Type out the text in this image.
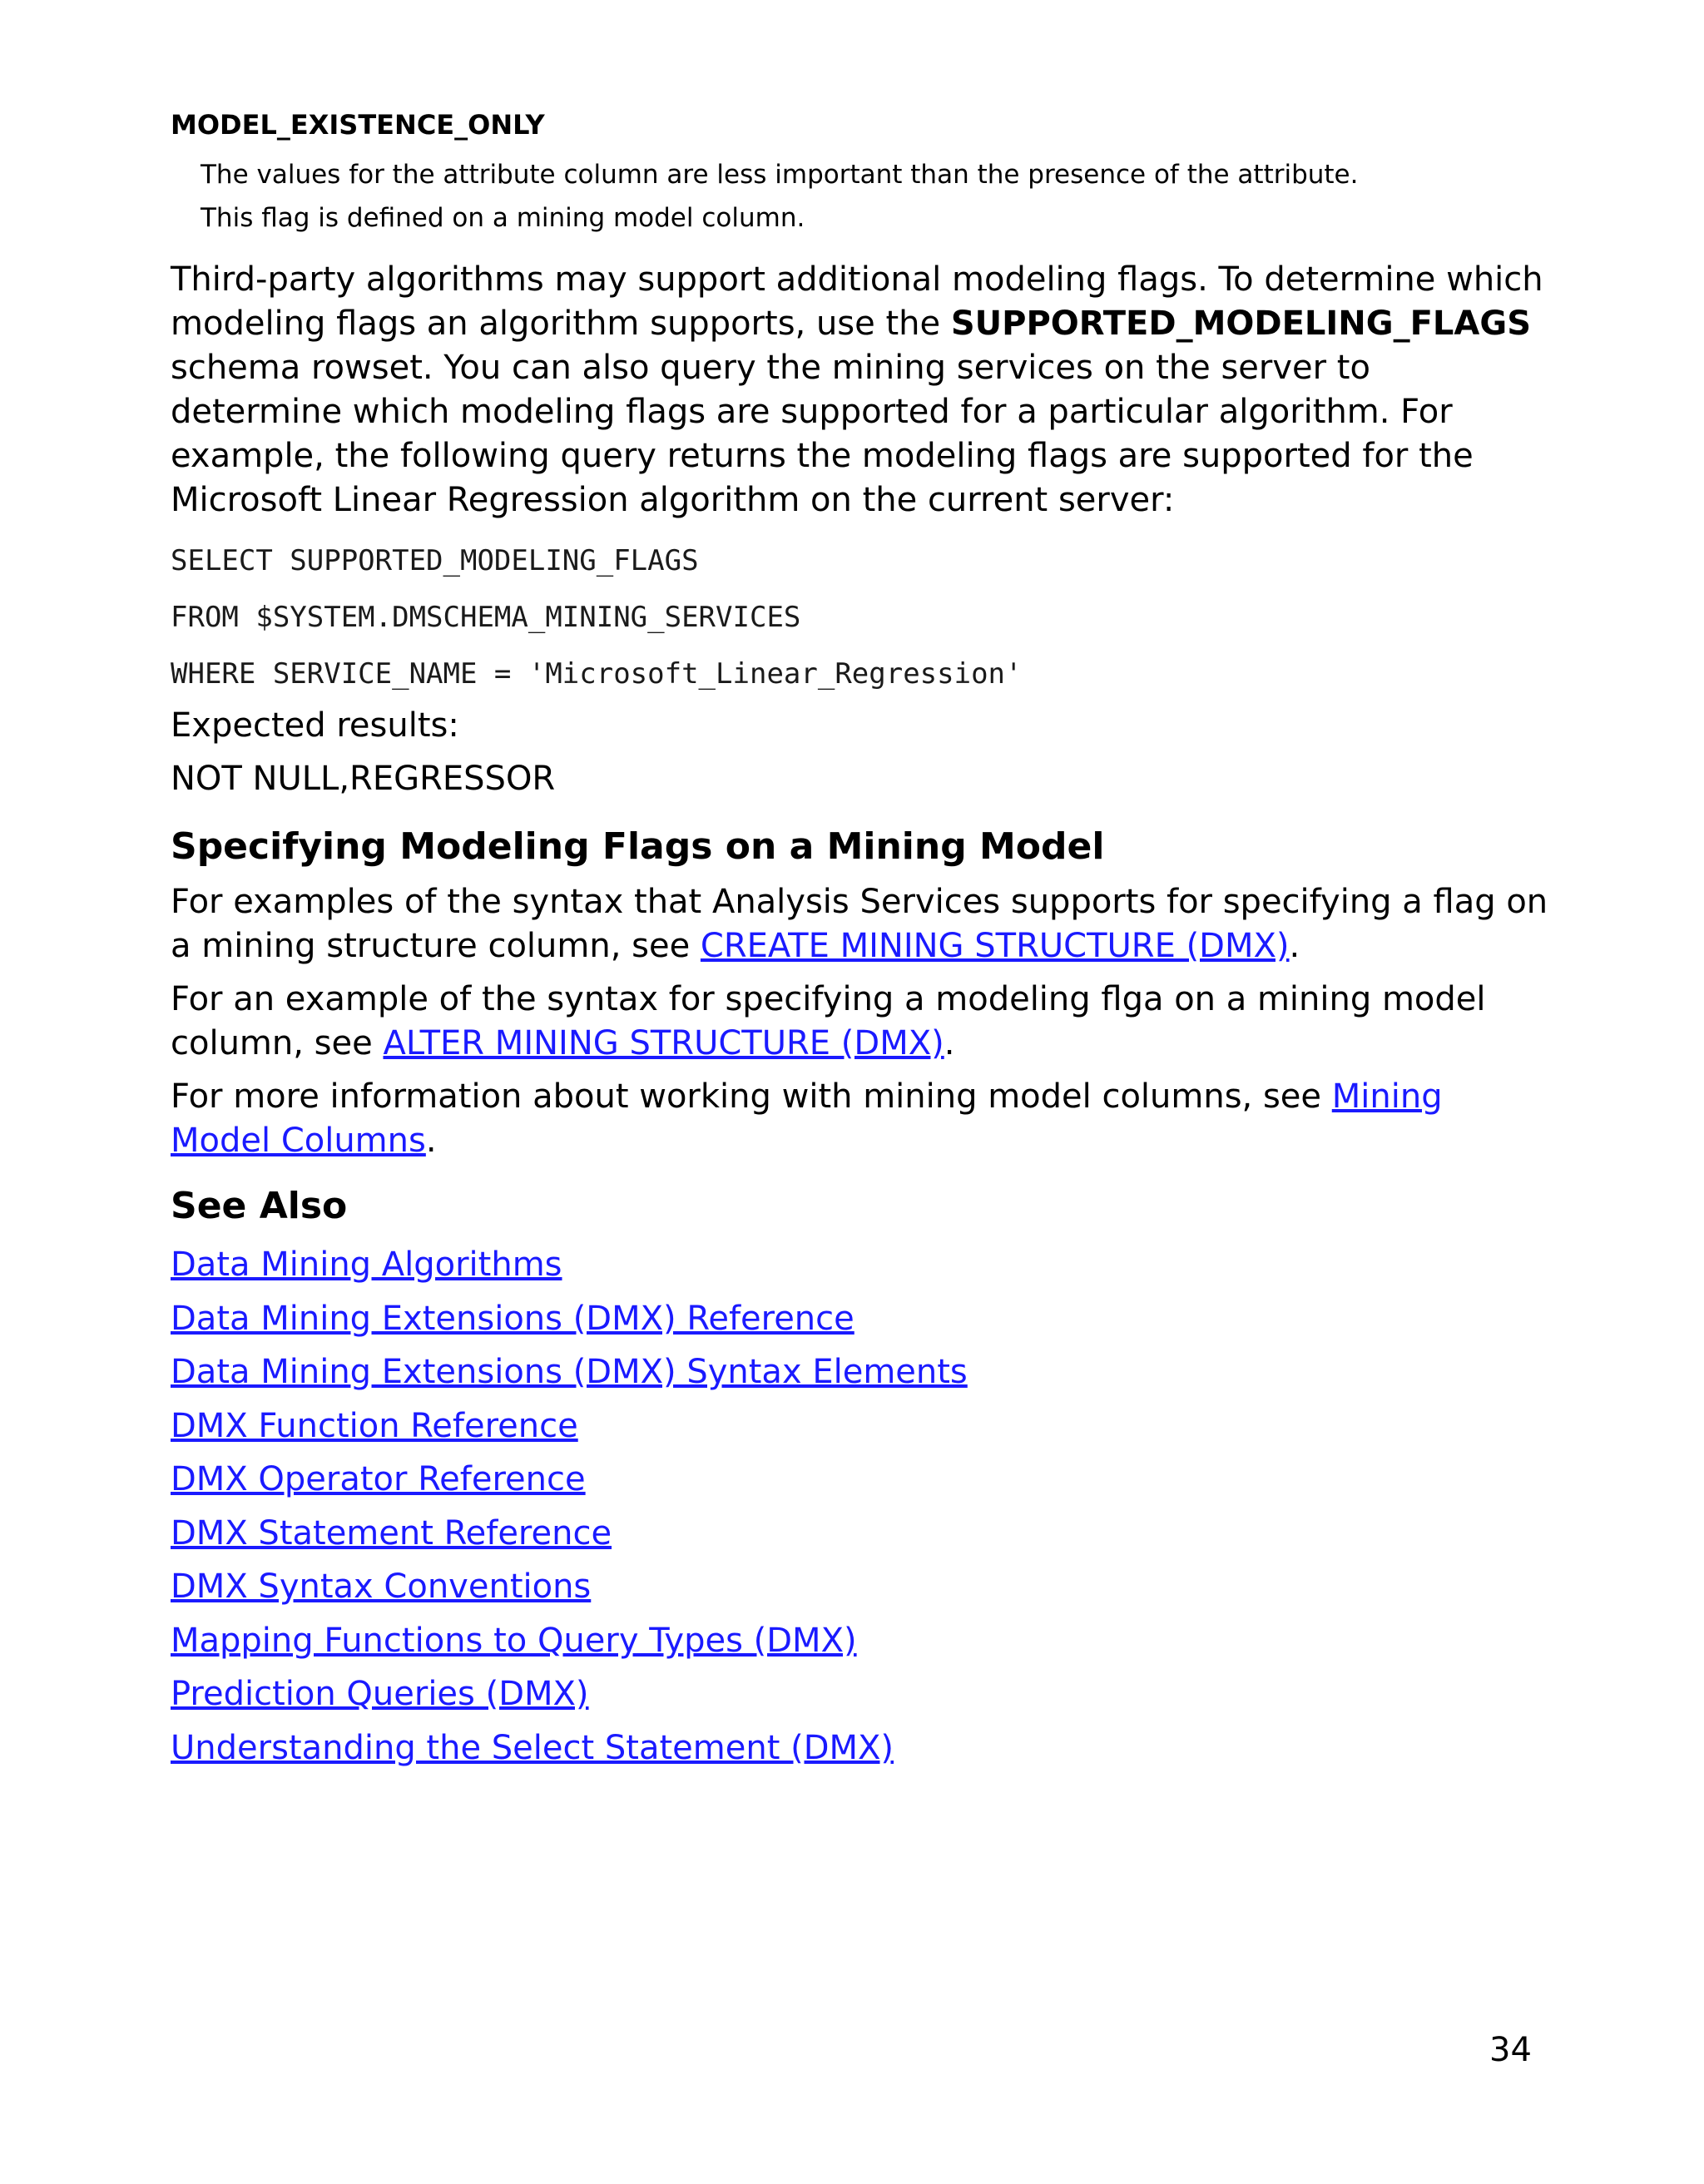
MODEL_EXISTENCE_ONLY
The values for the attribute column are less important than the presence of the attribute. This flag is defined on a mining model column.
Third-party algorithms may support additional modeling flags. To determine which modeling flags an algorithm supports, use the SUPPORTED_MODELING_FLAGS schema rowset. You can also query the mining services on the server to determine which modeling flags are supported for a particular algorithm. For example, the following query returns the modeling flags are supported for the Microsoft Linear Regression algorithm on the current server:
SELECT SUPPORTED_MODELING_FLAGS
FROM $SYSTEM.DMSCHEMA_MINING_SERVICES
WHERE SERVICE_NAME = 'Microsoft_Linear_Regression'
Expected results:
NOT NULL,REGRESSOR
Specifying Modeling Flags on a Mining Model
For examples of the syntax that Analysis Services supports for specifying a flag on a mining structure column, see CREATE MINING STRUCTURE (DMX).
For an example of the syntax for specifying a modeling flga on a mining model column, see ALTER MINING STRUCTURE (DMX).
For more information about working with mining model columns, see Mining Model Columns.
See Also
Data Mining Algorithms
Data Mining Extensions (DMX) Reference
Data Mining Extensions (DMX) Syntax Elements
DMX Function Reference
DMX Operator Reference
DMX Statement Reference
DMX Syntax Conventions
Mapping Functions to Query Types (DMX)
Prediction Queries (DMX)
Understanding the Select Statement (DMX)
34
